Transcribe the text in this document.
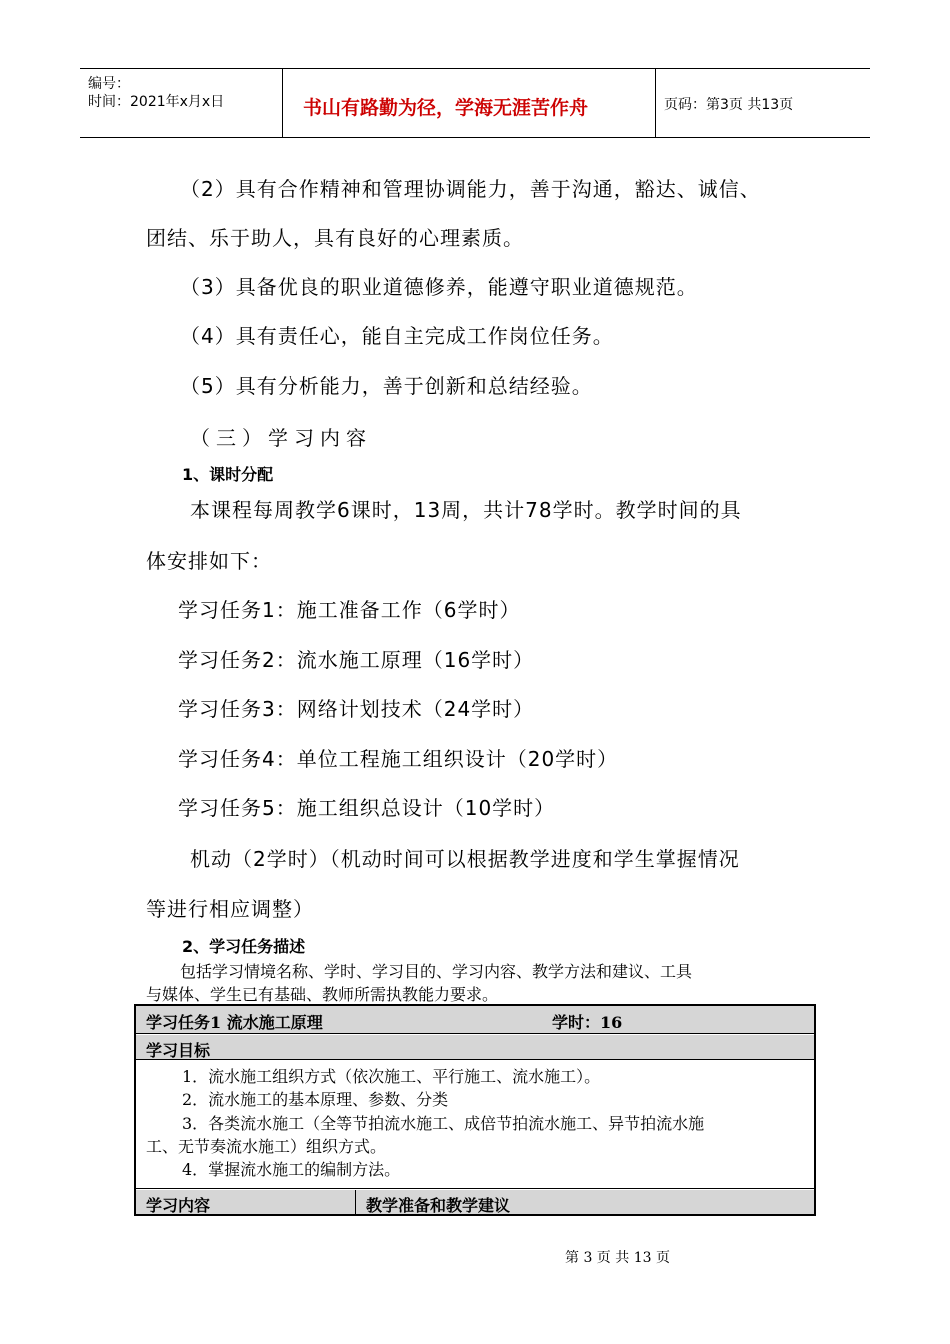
编号：
时间：2021年x月x日	书山有路勤为径，学海无涯苦作舟	页码：第3页 共13页
（2）具有合作精神和管理协调能力，善于沟通，豁达、诚信、
团结、乐于助人，具有良好的心理素质。
（3）具备优良的职业道德修养，能遵守职业道德规范。
（4）具有责任心，能自主完成工作岗位任务。
（5）具有分析能力，善于创新和总结经验。
（三）学习内容
1、课时分配
本课程每周教学6课时，13周，共计78学时。教学时间的具
体安排如下：
学习任务1：施工准备工作（6学时）
学习任务2：流水施工原理（16学时）
学习任务3：网络计划技术（24学时）
学习任务4：单位工程施工组织设计（20学时）
学习任务5：施工组织总设计（10学时）
机动（2学时）（机动时间可以根据教学进度和学生掌握情况
等进行相应调整）
2、学习任务描述
包括学习情境名称、学时、学习目的、学习内容、教学方法和建议、工具
与媒体、学生已有基础、教师所需执教能力要求。
学习任务1 流水施工原理	学时：16
学习目标
1．流水施工组织方式（依次施工、平行施工、流水施工）。
2．流水施工的基本原理、参数、分类
3．各类流水施工（全等节拍流水施工、成倍节拍流水施工、异节拍流水施
工、无节奏流水施工）组织方式。
4．掌握流水施工的编制方法。
学习内容	教学准备和教学建议
第 3 页 共 13 页
